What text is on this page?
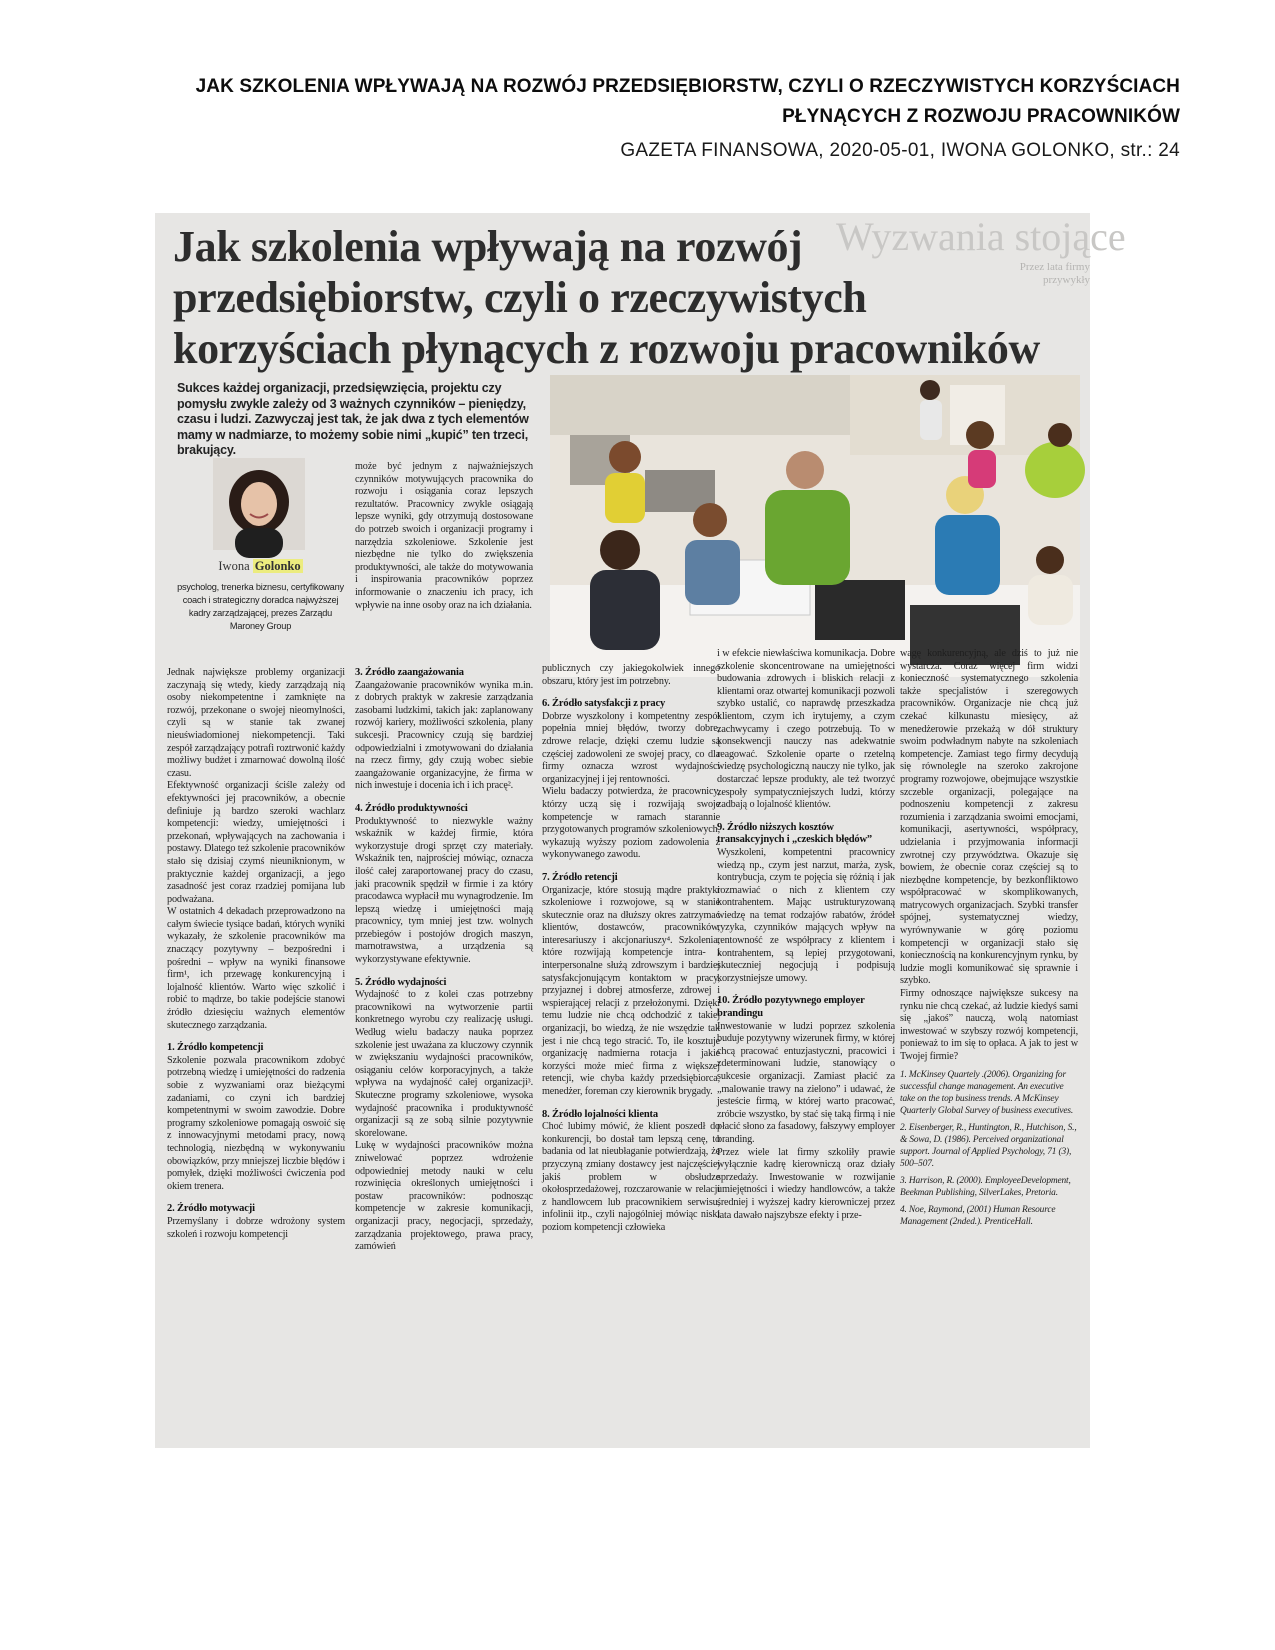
JAK SZKOLENIA WPŁYWAJĄ NA ROZWÓJ PRZEDSIĘBIORSTW, CZYLI O RZECZYWISTYCH KORZYŚCIACH
PŁYNĄCYCH Z ROZWOJU PRACOWNIKÓW
GAZETA FINANSOWA, 2020-05-01, IWONA GOLONKO, str.: 24
Wyzwania stojące
Przez lata firmy przywykły
Jak szkolenia wpływają na rozwój
przedsiębiorstw, czyli o rzeczywistych
korzyściach płynących z rozwoju pracowników

Sukces każdej organizacji, przedsięwzięcia, projektu czy pomysłu zwykle zależy od 3 ważnych czynników – pieniędzy, czasu i ludzi. Zazwyczaj jest tak, że jak dwa z tych elementów mamy w nadmiarze, to możemy sobie nimi „kupić” ten trzeci, brakujący.

Iwona Golonko

psycholog, trenerka biznesu, certyfikowany coach i strategiczny doradca najwyższej kadry zarządzającej, prezes Zarządu Maroney Group

może być jednym z najważniejszych czynników motywujących pracownika do rozwoju i osiągania coraz lepszych rezultatów. Pracownicy zwykle osiągają lepsze wyniki, gdy otrzymują dostosowane do potrzeb swoich i organizacji programy i narzędzia szkoleniowe. Szkolenie jest niezbędne nie tylko do zwiększenia produktywności, ale także do motywowania i inspirowania pracowników poprzez informowanie o znaczeniu ich pracy, ich wpływie na inne osoby oraz na ich działania.

Jednak największe problemy organizacji zaczynają się wtedy, kiedy zarządzają nią osoby niekompetentne i zamknięte na rozwój, przekonane o swojej nieomylności, czyli są w stanie tak zwanej nieuświadomionej niekompetencji. Taki zespół zarządzający potrafi roztrwonić każdy możliwy budżet i zmarnować dowolną ilość czasu.

Efektywność organizacji ściśle zależy od efektywności jej pracowników, a obecnie definiuje ją bardzo szeroki wachlarz kompetencji: wiedzy, umiejętności i przekonań, wpływających na zachowania i postawy. Dlatego też szkolenie pracowników stało się dzisiaj czymś nieuniknionym, w praktycznie każdej organizacji, a jego zasadność jest coraz rzadziej pomijana lub podważana.

W ostatnich 4 dekadach przeprowadzono na całym świecie tysiące badań, których wyniki wykazały, że szkolenie pracowników ma znaczący pozytywny – bezpośredni i pośredni – wpływ na wyniki finansowe firm¹, ich przewagę konkurencyjną i lojalność klientów. Warto więc szkolić i robić to mądrze, bo takie podejście stanowi źródło dziesięciu ważnych elementów skutecznego zarządzania.

1. Źródło kompetencji

Szkolenie pozwala pracownikom zdobyć potrzebną wiedzę i umiejętności do radzenia sobie z wyzwaniami oraz bieżącymi zadaniami, co czyni ich bardziej kompetentnymi w swoim zawodzie. Dobre programy szkoleniowe pomagają oswoić się z innowacyjnymi metodami pracy, nową technologią, niezbędną w wykonywaniu obowiązków, przy mniejszej liczbie błędów i pomyłek, dzięki możliwości ćwiczenia pod okiem trenera.

2. Źródło motywacji

Przemyślany i dobrze wdrożony system szkoleń i rozwoju kompetencji

3. Źródło zaangażowania

Zaangażowanie pracowników wynika m.in. z dobrych praktyk w zakresie zarządzania zasobami ludzkimi, takich jak: zaplanowany rozwój kariery, możliwości szkolenia, plany sukcesji. Pracownicy czują się bardziej odpowiedzialni i zmotywowani do działania na rzecz firmy, gdy czują wobec siebie zaangażowanie organizacyjne, że firma w nich inwestuje i docenia ich i ich pracę².

4. Źródło produktywności

Produktywność to niezwykle ważny wskaźnik w każdej firmie, która wykorzystuje drogi sprzęt czy materiały. Wskaźnik ten, najprościej mówiąc, oznacza ilość całej zaraportowanej pracy do czasu, jaki pracownik spędził w firmie i za który pracodawca wypłacił mu wynagrodzenie. Im lepszą wiedzę i umiejętności mają pracownicy, tym mniej jest tzw. wolnych przebiegów i postojów drogich maszyn, marnotrawstwa, a urządzenia są wykorzystywane efektywnie.

5. Źródło wydajności

Wydajność to z kolei czas potrzebny pracownikowi na wytworzenie partii konkretnego wyrobu czy realizację usługi. Według wielu badaczy nauka poprzez szkolenie jest uważana za kluczowy czynnik w zwiększaniu wydajności pracowników, osiąganiu celów korporacyjnych, a także wpływa na wydajność całej organizacji³. Skuteczne programy szkoleniowe, wysoka wydajność pracownika i produktywność organizacji są ze sobą silnie pozytywnie skorelowane.

Lukę w wydajności pracowników można zniwelować poprzez wdrożenie odpowiedniej metody nauki w celu rozwinięcia określonych umiejętności i postaw pracowników: podnosząc kompetencje w zakresie komunikacji, organizacji pracy, negocjacji, sprzedaży, zarządzania projektowego, prawa pracy, zamówień

publicznych czy jakiegokolwiek innego obszaru, który jest im potrzebny.

6. Źródło satysfakcji z pracy

Dobrze wyszkolony i kompetentny zespół popełnia mniej błędów, tworzy dobre, zdrowe relacje, dzięki czemu ludzie są częściej zadowoleni ze swojej pracy, co dla firmy oznacza wzrost wydajności organizacyjnej i jej rentowności.

Wielu badaczy potwierdza, że pracownicy, którzy uczą się i rozwijają swoje kompetencje w ramach starannie przygotowanych programów szkoleniowych, wykazują wyższy poziom zadowolenia z wykonywanego zawodu.

7. Źródło retencji

Organizacje, które stosują mądre praktyki szkoleniowe i rozwojowe, są w stanie skutecznie oraz na dłuższy okres zatrzymać klientów, dostawców, pracowników, interesariuszy i akcjonariuszy⁴. Szkolenia, które rozwijają kompetencje intra- i interpersonalne służą zdrowszym i bardziej satysfakcjonującym kontaktom w pracy, przyjaznej i dobrej atmosferze, zdrowej i wspierającej relacji z przełożonymi. Dzięki temu ludzie nie chcą odchodzić z takiej organizacji, bo wiedzą, że nie wszędzie tak jest i nie chcą tego stracić. To, ile kosztuje organizację nadmierna rotacja i jakie korzyści może mieć firma z większej retencji, wie chyba każdy przedsiębiorca, menedżer, foreman czy kierownik brygady.

8. Źródło lojalności klienta

Choć lubimy mówić, że klient poszedł do konkurencji, bo dostał tam lepszą cenę, to badania od lat nieubłaganie potwierdzają, że przyczyną zmiany dostawcy jest najczęściej jakiś problem w obsłudze okołosprzedażowej, rozczarowanie w relacji z handlowcem lub pracownikiem serwisu, infolinii itp., czyli najogólniej mówiąc niski poziom kompetencji człowieka

i w efekcie niewłaściwa komunikacja. Dobre szkolenie skoncentrowane na umiejętności budowania zdrowych i bliskich relacji z klientami oraz otwartej komunikacji pozwoli szybko ustalić, co naprawdę przeszkadza klientom, czym ich irytujemy, a czym zachwycamy i czego potrzebują. To w konsekwencji nauczy nas adekwatnie reagować. Szkolenie oparte o rzetelną wiedzę psychologiczną nauczy nie tylko, jak dostarczać lepsze produkty, ale też tworzyć zespoły sympatyczniejszych ludzi, którzy zadbają o lojalność klientów.

9. Źródło niższych kosztów transakcyjnych i „czeskich błędów”

Wyszkoleni, kompetentni pracownicy wiedzą np., czym jest narzut, marża, zysk, kontrybucja, czym te pojęcia się różnią i jak rozmawiać o nich z klientem czy kontrahentem. Mając ustrukturyzowaną wiedzę na temat rodzajów rabatów, źródeł ryzyka, czynników mających wpływ na rentowność ze współpracy z klientem i kontrahentem, są lepiej przygotowani, skuteczniej negocjują i podpisują korzystniejsze umowy.

10. Źródło pozytywnego employer brandingu

Inwestowanie w ludzi poprzez szkolenia buduje pozytywny wizerunek firmy, w której chcą pracować entuzjastyczni, pracowici i zdeterminowani ludzie, stanowiący o sukcesie organizacji. Zamiast płacić za „malowanie trawy na zielono” i udawać, że jesteście firmą, w której warto pracować, zróbcie wszystko, by stać się taką firmą i nie płacić słono za fasadowy, fałszywy employer branding.

Przez wiele lat firmy szkoliły prawie wyłącznie kadrę kierowniczą oraz działy sprzedaży. Inwestowanie w rozwijanie umiejętności i wiedzy handlowców, a także średniej i wyższej kadry kierowniczej przez lata dawało najszybsze efekty i prze-

wagę konkurencyjną, ale dziś to już nie wystarcza. Coraz więcej firm widzi konieczność systematycznego szkolenia także specjalistów i szeregowych pracowników. Organizacje nie chcą już czekać kilkunastu miesięcy, aż menedżerowie przekażą w dół struktury swoim podwładnym nabyte na szkoleniach kompetencje. Zamiast tego firmy decydują się równolegle na szeroko zakrojone programy rozwojowe, obejmujące wszystkie szczeble organizacji, polegające na podnoszeniu kompetencji z zakresu rozumienia i zarządzania swoimi emocjami, komunikacji, asertywności, współpracy, udzielania i przyjmowania informacji zwrotnej czy przywództwa. Okazuje się bowiem, że obecnie coraz częściej są to niezbędne kompetencje, by bezkonfliktowo współpracować w skomplikowanych, matrycowych organizacjach. Szybki transfer spójnej, systematycznej wiedzy, wyrównywanie w górę poziomu kompetencji w organizacji stało się koniecznością na konkurencyjnym rynku, by ludzie mogli komunikować się sprawnie i szybko.

Firmy odnoszące największe sukcesy na rynku nie chcą czekać, aż ludzie kiedyś sami się „jakoś” nauczą, wolą natomiast inwestować w szybszy rozwój kompetencji, ponieważ to im się to opłaca. A jak to jest w Twojej firmie?

1. McKinsey Quartely .(2006). Organizing for successful change management. An executive take on the top business trends. A McKinsey Quarterly Global Survey of business executives.

2. Eisenberger, R., Huntington, R., Hutchison, S., & Sowa, D. (1986). Perceived organizational support. Journal of Applied Psychology, 71 (3), 500–507.

3. Harrison, R. (2000). EmployeeDevelopment, Beekman Publishing, SilverLakes, Pretoria.

4. Noe, Raymond, (2001) Human Resource Management (2nded.). PrenticeHall.
